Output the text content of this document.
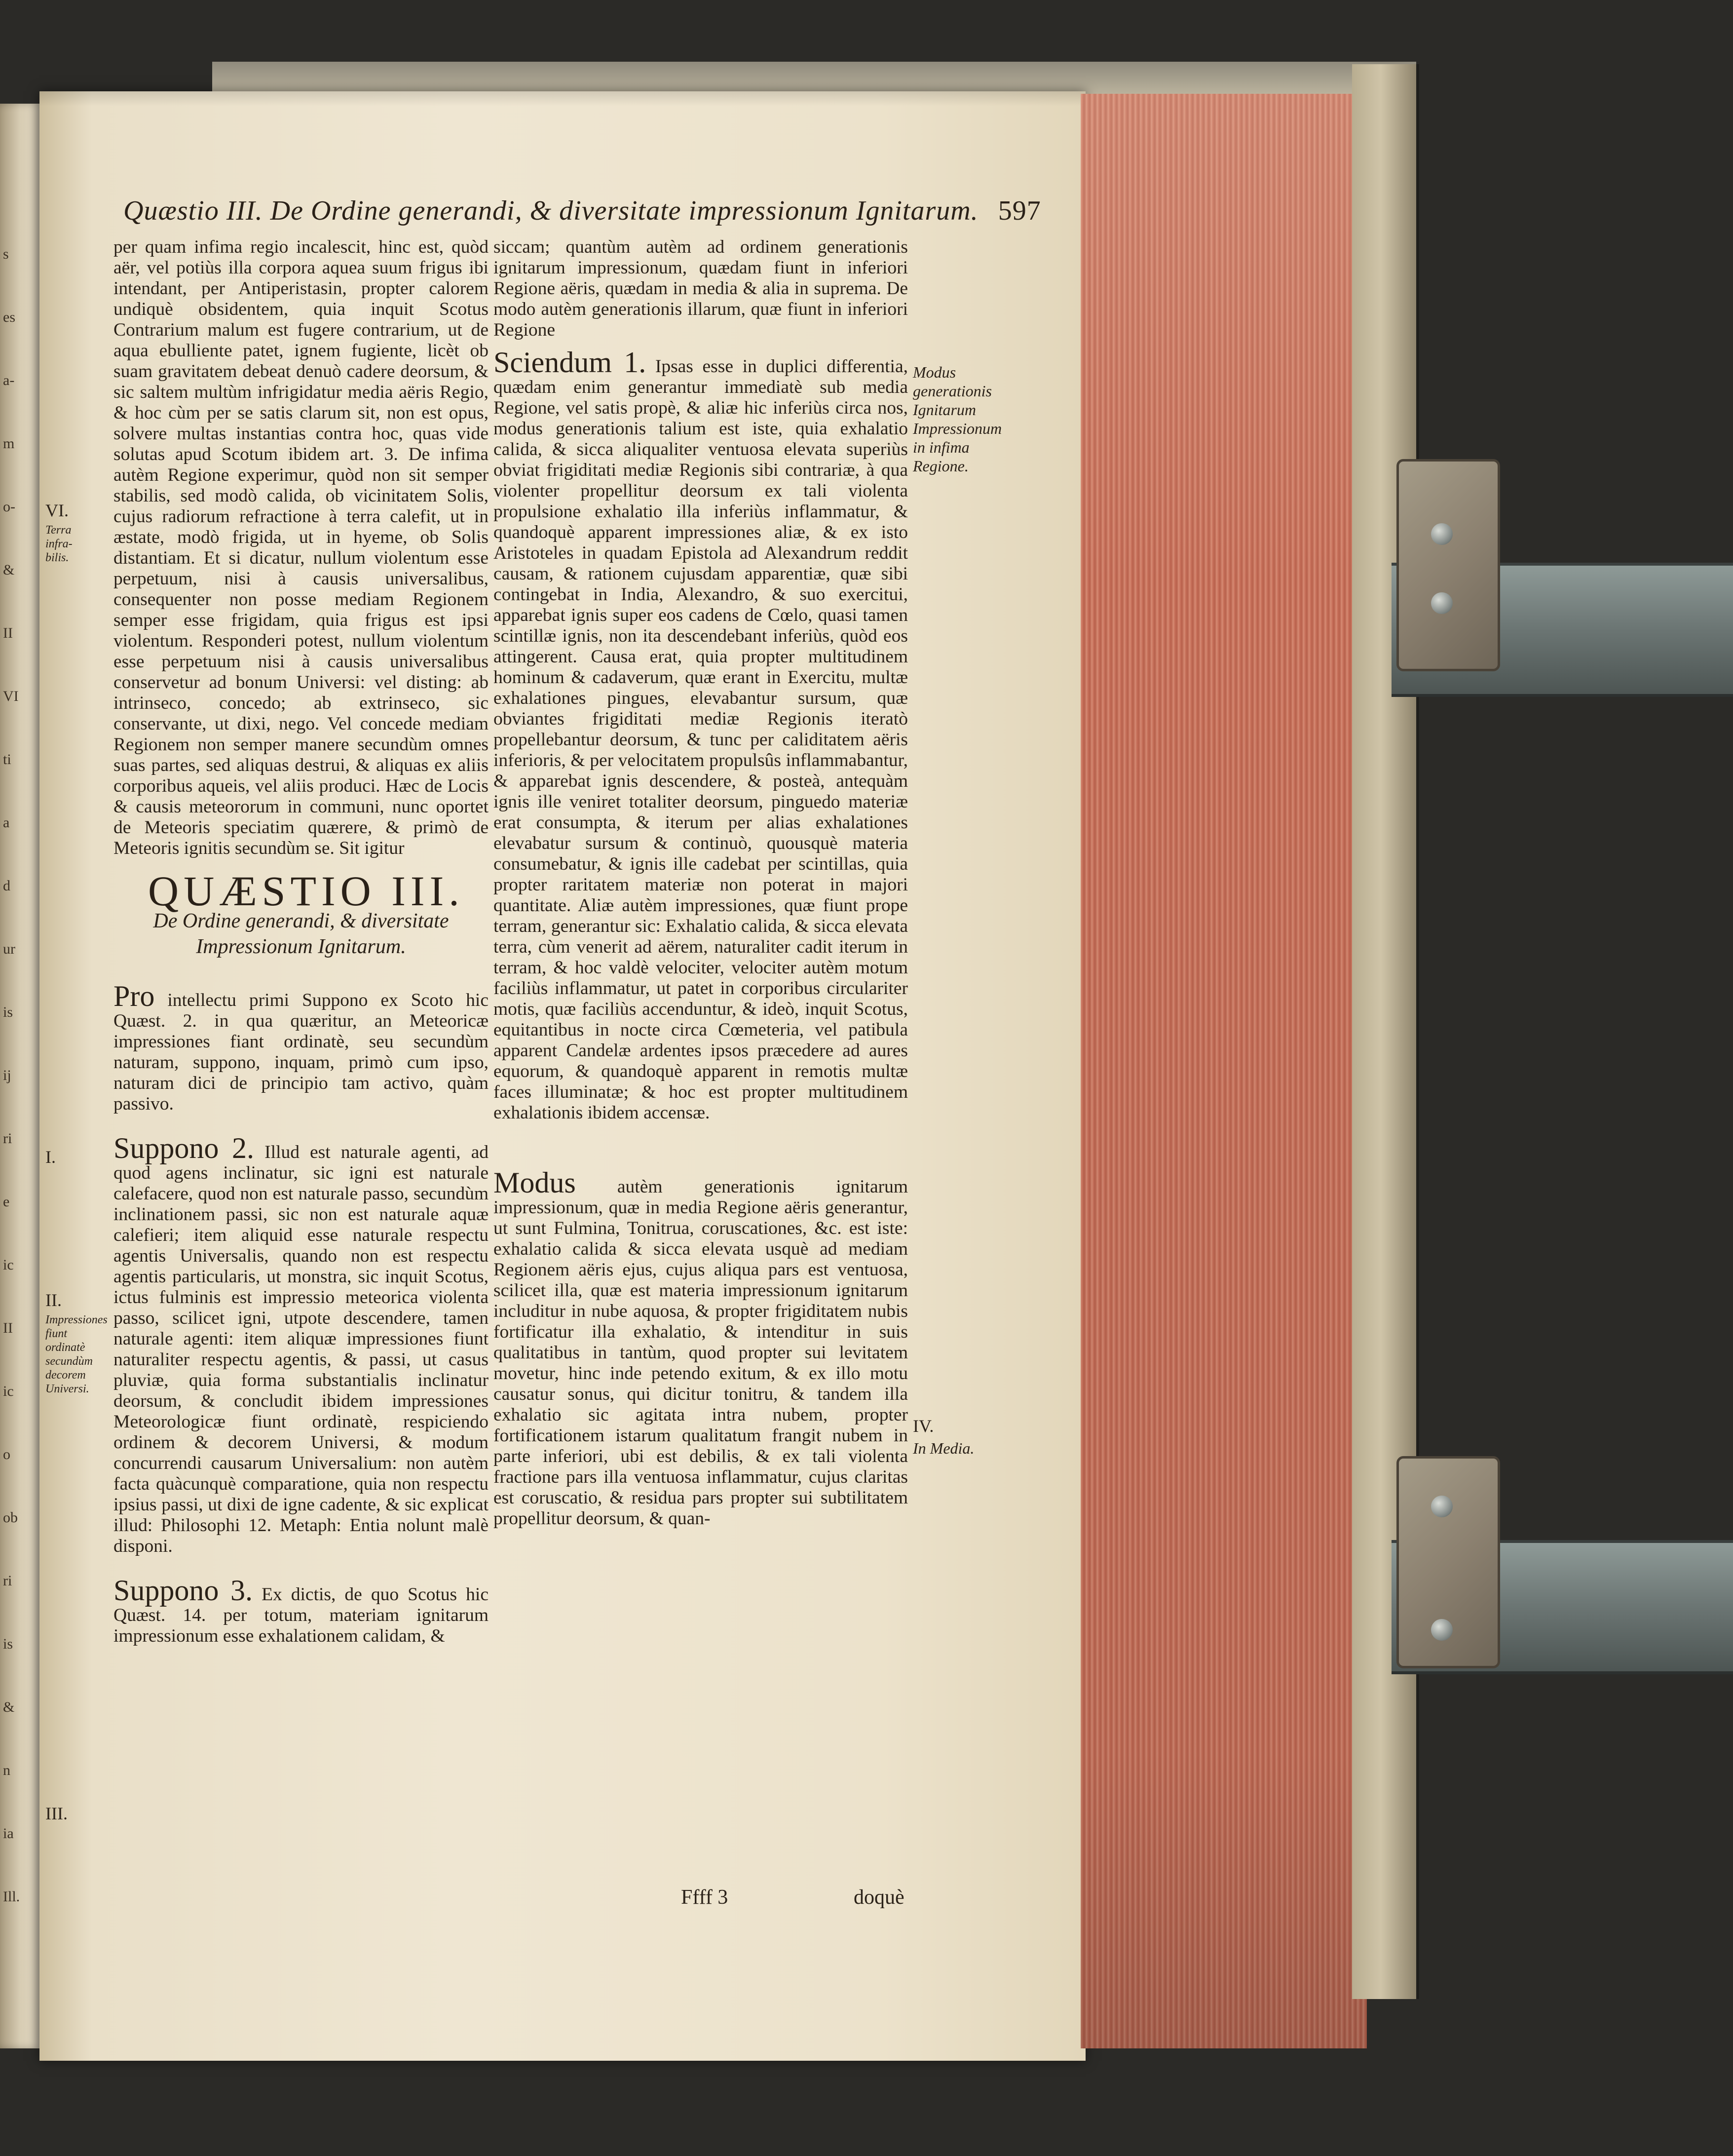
s
es
a-
m
o-
&
II
VI
ti
a
d
ur
is
ij
ri
e
ic
II
ic
o
ob
ri
is
&
n
ia
Ill.
Quæstio III. De Ordine generandi, & diversitate impressionum Ignitarum. 597

per quam infima regio incalescit, hinc est, quòd aër, vel potiùs illa corpora aquea suum frigus ibi intendant, per Antiperistasin, propter calorem undiquè obsidentem, quia inquit Scotus Contrarium malum est fugere contrarium, ut de aqua ebulliente patet, ignem fugiente, licèt ob suam gravitatem debeat denuò cadere deorsum, & sic saltem multùm infrigidatur media aëris Regio, & hoc cùm per se satis clarum sit, non est opus, solvere multas instantias contra hoc, quas vide solutas apud Scotum ibidem art. 3. De infima autèm Regione experimur, quòd non sit semper stabilis, sed modò calida, ob vicinitatem Solis, cujus radiorum refractione à terra calefit, ut in æstate, modò frigida, ut in hyeme, ob Solis distantiam. Et si dicatur, nullum violentum esse perpetuum, nisi à causis universalibus, consequenter non posse mediam Regionem semper esse frigidam, quia frigus est ipsi violentum. Responderi potest, nullum violentum esse perpetuum nisi à causis universalibus conservetur ad bonum Universi: vel disting: ab intrinseco, concedo; ab extrinseco, sic conservante, ut dixi, nego. Vel concede mediam Regionem non semper manere secundùm omnes suas partes, sed aliquas destrui, & aliquas ex aliis corporibus aqueis, vel aliis produci. Hæc de Locis & causis meteororum in communi, nunc oportet de Meteoris speciatim quærere, & primò de Meteoris ignitis secundùm se. Sit igitur

QUÆSTIO III.
De Ordine generandi, & diversitate Impressionum Ignitarum.

Pro intellectu primi Suppono ex Scoto hic Quæst. 2. in qua quæritur, an Meteoricæ impressiones fiant ordinatè, seu secundùm naturam, suppono, inquam, primò cum ipso, naturam dici de principio tam activo, quàm passivo.

Suppono 2. Illud est naturale agenti, ad quod agens inclinatur, sic igni est naturale calefacere, quod non est naturale passo, secundùm inclinationem passi, sic non est naturale aquæ calefieri; item aliquid esse naturale respectu agentis Universalis, quando non est respectu agentis particularis, ut monstra, sic inquit Scotus, ictus fulminis est impressio meteorica violenta passo, scilicet igni, utpote descendere, tamen naturale agenti: item aliquæ impressiones fiunt naturaliter respectu agentis, & passi, ut casus pluviæ, quia forma substantialis inclinatur deorsum, & concludit ibidem impressiones Meteorologicæ fiunt ordinatè, respiciendo ordinem & decorem Universi, & modum concurrendi causarum Universalium: non autèm facta quàcunquè comparatione, quia non respectu ipsius passi, ut dixi de igne cadente, & sic explicat illud: Philosophi 12. Metaph: Entia nolunt malè disponi.

Suppono 3. Ex dictis, de quo Scotus hic Quæst. 14. per totum, materiam ignitarum impressionum esse exhalationem calidam, &

siccam; quantùm autèm ad ordinem generationis ignitarum impressionum, quædam fiunt in inferiori Regione aëris, quædam in media & alia in suprema. De modo autèm generationis illarum, quæ fiunt in inferiori Regione

Sciendum 1. Ipsas esse in duplici differentia, quædam enim generantur immediatè sub media Regione, vel satis propè, & aliæ hic inferiùs circa nos, modus generationis talium est iste, quia exhalatio calida, & sicca aliqualiter ventuosa elevata superiùs obviat frigiditati mediæ Regionis sibi contrariæ, à qua violenter propellitur deorsum ex tali violenta propulsione exhalatio illa inferiùs inflammatur, & quandoquè apparent impressiones aliæ, & ex isto Aristoteles in quadam Epistola ad Alexandrum reddit causam, & rationem cujusdam apparentiæ, quæ sibi contingebat in India, Alexandro, & suo exercitui, apparebat ignis super eos cadens de Cœlo, quasi tamen scintillæ ignis, non ita descendebant inferiùs, quòd eos attingerent. Causa erat, quia propter multitudinem hominum & cadaverum, quæ erant in Exercitu, multæ exhalationes pingues, elevabantur sursum, quæ obviantes frigiditati mediæ Regionis iteratò propellebantur deorsum, & tunc per caliditatem aëris inferioris, & per velocitatem propulsûs inflammabantur, & apparebat ignis descendere, & posteà, antequàm ignis ille veniret totaliter deorsum, pinguedo materiæ erat consumpta, & iterum per alias exhalationes elevabatur sursum & continuò, quousquè materia consumebatur, & ignis ille cadebat per scintillas, quia propter raritatem materiæ non poterat in majori quantitate. Aliæ autèm impressiones, quæ fiunt prope terram, generantur sic: Exhalatio calida, & sicca elevata terra, cùm venerit ad aërem, naturaliter cadit iterum in terram, & hoc valdè velociter, velociter autèm motum faciliùs inflammatur, ut patet in corporibus circulariter motis, quæ faciliùs accenduntur, & ideò, inquit Scotus, equitantibus in nocte circa Cœmeteria, vel patibula apparent Candelæ ardentes ipsos præcedere ad aures equorum, & quandoquè apparent in remotis multæ faces illuminatæ; & hoc est propter multitudinem exhalationis ibidem accensæ.

Modus autèm generationis ignitarum impressionum, quæ in media Regione aëris generantur, ut sunt Fulmina, Tonitrua, coruscationes, &c. est iste: exhalatio calida & sicca elevata usquè ad mediam Regionem aëris ejus, cujus aliqua pars est ventuosa, scilicet illa, quæ est materia impressionum ignitarum includitur in nube aquosa, & propter frigiditatem nubis fortificatur illa exhalatio, & intenditur in suis qualitatibus in tantùm, quod propter sui levitatem movetur, hinc inde petendo exitum, & ex illo motu causatur sonus, qui dicitur tonitru, & tandem illa exhalatio sic agitata intra nubem, propter fortificationem istarum qualitatum frangit nubem in parte inferiori, ubi est debilis, & ex tali violenta fractione pars illa ventuosa inflammatur, cujus claritas est coruscatio, & residua pars propter sui subtilitatem propellitur deorsum, & quan-

Modus generationis Ignitarum Impressionum in infima Regione.
IV.
In Media.
VI.
Terra infra-bilis.
I.
II.
Impressiones fiunt ordinatè secundùm decorem Universi.
III.
Ffff 3	doquè
